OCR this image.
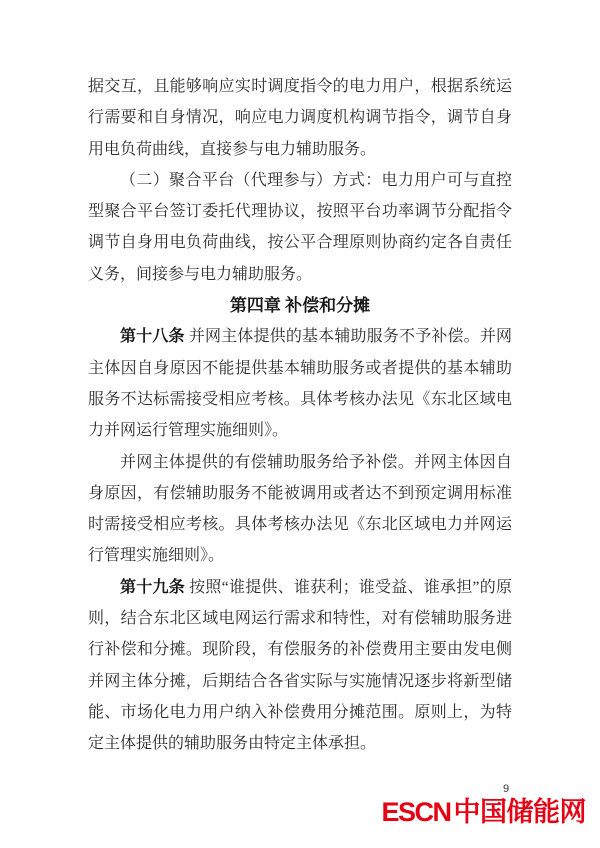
据交互，且能够响应实时调度指令的电力用户，根据系统运行需要和自身情况，响应电力调度机构调节指令，调节自身用电负荷曲线，直接参与电力辅助服务。

（二）聚合平台（代理参与）方式：电力用户可与直控型聚合平台签订委托代理协议，按照平台功率调节分配指令调节自身用电负荷曲线，按公平合理原则协商约定各自责任义务，间接参与电力辅助服务。

第四章 补偿和分摊

第十八条 并网主体提供的基本辅助服务不予补偿。并网主体因自身原因不能提供基本辅助服务或者提供的基本辅助服务不达标需接受相应考核。具体考核办法见《东北区域电力并网运行管理实施细则》。

并网主体提供的有偿辅助服务给予补偿。并网主体因自身原因，有偿辅助服务不能被调用或者达不到预定调用标准时需接受相应考核。具体考核办法见《东北区域电力并网运行管理实施细则》。

第十九条 按照“谁提供、谁获利；谁受益、谁承担”的原则，结合东北区域电网运行需求和特性，对有偿辅助服务进行补偿和分摊。现阶段，有偿服务的补偿费用主要由发电侧并网主体分摊，后期结合各省实际与实施情况逐步将新型储能、市场化电力用户纳入补偿费用分摊范围。原则上，为特定主体提供的辅助服务由特定主体承担。

9
ESCN 中国储能网
